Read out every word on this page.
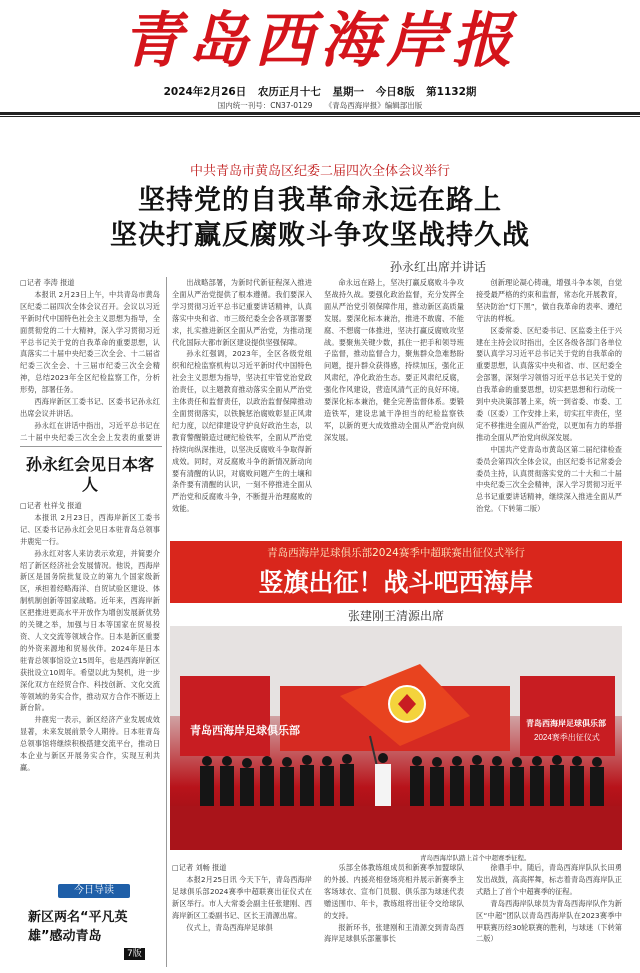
青岛西海岸报
2024年2月26日 农历正月十七 星期一 今日8版 第1132期
国内统一刊号：CN37-0129 《青岛西海岸报》编辑部出版
中共青岛市黄岛区纪委二届四次全体会议举行
坚持党的自我革命永远在路上
坚决打赢反腐败斗争攻坚战持久战
孙永红出席并讲话

□记者 李涛 报道

本报讯 2月23日上午，中共青岛市黄岛区纪委二届四次全体会议召开。会议以习近平新时代中国特色社会主义思想为指导，全面贯彻党的二十大精神，深入学习贯彻习近平总书记关于党的自我革命的重要思想，认真落实二十届中央纪委三次全会、十二届省纪委三次全会、十三届市纪委三次全会精神，总结2023年全区纪检监察工作，分析形势，部署任务。

西海岸新区工委书记、区委书记孙永红出席会议并讲话。

孙永红在讲话中指出，习近平总书记在二十届中央纪委三次全会上发表的重要讲

出战略部署，为新时代新征程深入推进全面从严治党提供了根本遵循。我们要深入学习贯彻习近平总书记重要讲话精神，认真落实中央和省、市三级纪委全会各项部署要求，扎实推进新区全面从严治党，为推动现代化国际大都市新区建设提供坚强保障。

孙永红强调，2023年，全区各级党组织和纪检监察机构以习近平新时代中国特色社会主义思想为指导，坚决扛牢管党治党政治责任，以主题教育推动落实全面从严治党主体责任和监督责任，以政治监督保障推动全面贯彻落实，以铁腕惩治腐败彰显正风肃纪力度，以纪律建设守护良好政治生态，以教育警醒锻造过硬纪检铁军，全面从严治党持续向纵深推进，以坚决反腐败斗争取得新成效。同时，对反腐败斗争的新情况新动向要有清醒的认识，对腐败问题产生的土壤和条件要有清醒的认识，一刻不停推进全面从严治党和反腐败斗争，不断提升治理腐败的效能。

命永远在路上，坚决打赢反腐败斗争攻坚战持久战。要强化政治监督，充分发挥全面从严治党引领保障作用，推动新区高质量发展。要深化标本兼治，推进不敢腐、不能腐、不想腐一体推进，坚决打赢反腐败攻坚战。要聚焦关键少数，抓住一把手和领导班子监督，推动监督合力，聚焦群众急难愁盼问题，提升群众获得感，持续加压，强化正风肃纪，净化政治生态。要正风肃纪反腐，强化作风建设，营造风清气正的良好环境。要深化标本兼治，健全完善监督体系。要锻造铁军，建设忠诚干净担当的纪检监察铁军，以新的更大成效推动全面从严治党向纵深发展。

创新理论凝心铸魂，增强斗争本领，自觉接受最严格的约束和监督，常态化开展教育，坚决防治“灯下黑”，做自我革命的表率、遵纪守法的样板。

区委常委、区纪委书记、区监委主任于兴建在主持会议时指出，全区各级各部门各单位要认真学习习近平总书记关于党的自我革命的重要思想，认真落实中央和省、市、区纪委全会部署，深刻学习领悟习近平总书记关于党的自我革命的重要思想，切实把思想和行动统一到中央决策部署上来，统一到省委、市委、工委（区委）工作安排上来，切实扛牢责任，坚定不移推进全面从严治党，以更加有力的举措推动全面从严治党向纵深发展。

中国共产党青岛市黄岛区第二届纪律检查委员会第四次全体会议，由区纪委书记常委会委员主持，认真贯彻落实党的二十大和二十届中央纪委三次全会精神，深入学习贯彻习近平总书记重要讲话精神，继续深入推进全面从严治党。（下转第二版）

孙永红会见日本客人

□记者 杜祥戈 报道

本报讯 2月23日，西海岸新区工委书记、区委书记孙永红会见日本驻青岛总领事井鹿宪一行。

孙永红对客人来访表示欢迎，并简要介绍了新区经济社会发展情况。他说，西海岸新区是国务院批复设立的第九个国家级新区，承担着经略海洋、自贸试验区建设、体制机制创新等国家战略。近年来，西海岸新区把推进更高水平开放作为增创发展新优势的关键之举，加强与日本等国家在贸易投资、人文交流等领域合作。日本是新区重要的外资来源地和贸易伙伴。2024年是日本驻青总领事馆设立15周年，也是西海岸新区获批设立10周年。希望以此为契机，进一步深化双方在经贸合作、科技创新、文化交流等领域的务实合作，推动双方合作不断迈上新台阶。

井鹿宪一表示，新区经济产业发展成效显著，未来发展前景令人期待。日本驻青岛总领事馆将继续积极搭建交流平台，推动日本企业与新区开展务实合作，实现互利共赢。

青岛西海岸足球俱乐部2024赛季中超联赛出征仪式举行
竖旗出征！战斗吧西海岸
张建刚王清源出席
青岛西海岸足球俱乐部
青岛西海岸足球俱乐部
2024赛季出征仪式
青岛西海岸队踏上首个中超赛季征程。

□记者 刘畅 报道

本报2月25日讯 今天下午，青岛西海岸足球俱乐部2024赛季中超联赛出征仪式在新区举行。市人大常委会副主任张建刚、西海岸新区工委副书记、区长王清源出席。

仪式上，青岛西海岸足球俱

乐部全体教练组成员和新赛季加盟球队的外援、内援亮相登场亮相并展示新赛季主客场球衣、宣布门员服、俱乐部为球迷代表赠送围巾、年卡，教练组将出征令交给球队的支持。

报新环书，张建刚和王清源交到青岛西海岸足球俱乐部董事长

徐鼎手中。随后，青岛西海岸队队长田勇发出战鼓，高高挥舞，标志着青岛西海岸队正式踏上了首个中超赛季的征程。

青岛西海岸队球员为青岛西海岸队作为新区“中超”团队以青岛西海岸队在2023赛季中甲联赛历经30轮联赛的胜利，与球迷（下转第二版）

今日导读
新区两名“平凡英雄”感动青岛
7版
